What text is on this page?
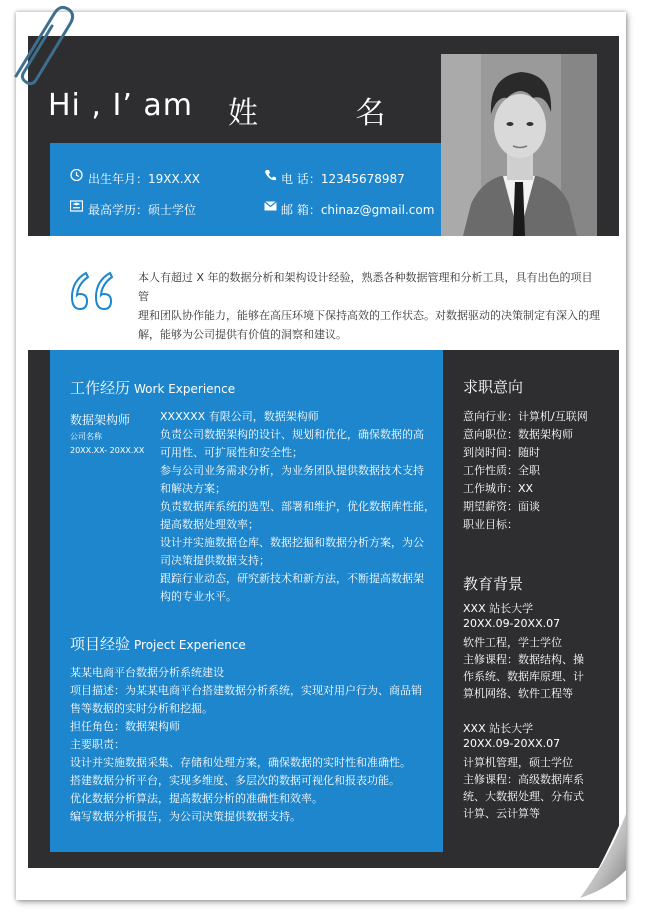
Hi , I’ am 姓 名
出生年月：19XX.XX	电 话：12345678987
最高学历：硕士学位	邮 箱：chinaz@gmail.com
本人有超过 X 年的数据分析和架构设计经验，熟悉各种数据管理和分析工具，具有出色的项目管
理和团队协作能力，能够在高压环境下保持高效的工作状态。对数据驱动的决策制定有深入的理
解，能够为公司提供有价值的洞察和建议。
工作经历 Work Experience
数据架构师
公司名称
20XX.XX- 20XX.XX
XXXXXX 有限公司，数据架构师
负责公司数据架构的设计、规划和优化，确保数据的高
可用性、可扩展性和安全性；
参与公司业务需求分析，为业务团队提供数据技术支持
和解决方案；
负责数据库系统的选型、部署和维护，优化数据库性能，
提高数据处理效率；
设计并实施数据仓库、数据挖掘和数据分析方案，为公
司决策提供数据支持；
跟踪行业动态，研究新技术和新方法，不断提高数据架
构的专业水平。
项目经验 Project Experience
某某电商平台数据分析系统建设
项目描述：为某某电商平台搭建数据分析系统，实现对用户行为、商品销
售等数据的实时分析和挖掘。
担任角色：数据架构师
主要职责：
设计并实施数据采集、存储和处理方案，确保数据的实时性和准确性。
搭建数据分析平台，实现多维度、多层次的数据可视化和报表功能。
优化数据分析算法，提高数据分析的准确性和效率。
编写数据分析报告，为公司决策提供数据支持。
求职意向
意向行业：计算机/互联网
意向职位：数据架构师
到岗时间：随时
工作性质：全职
工作城市：XX
期望薪资：面谈
职业目标：
教育背景
XXX 站长大学
20XX.09-20XX.07
软件工程，学士学位
主修课程：数据结构、操
作系统、数据库原理、计
算机网络、软件工程等
XXX 站长大学
20XX.09-20XX.07
计算机管理，硕士学位
主修课程：高级数据库系
统、大数据处理、分布式
计算、云计算等
